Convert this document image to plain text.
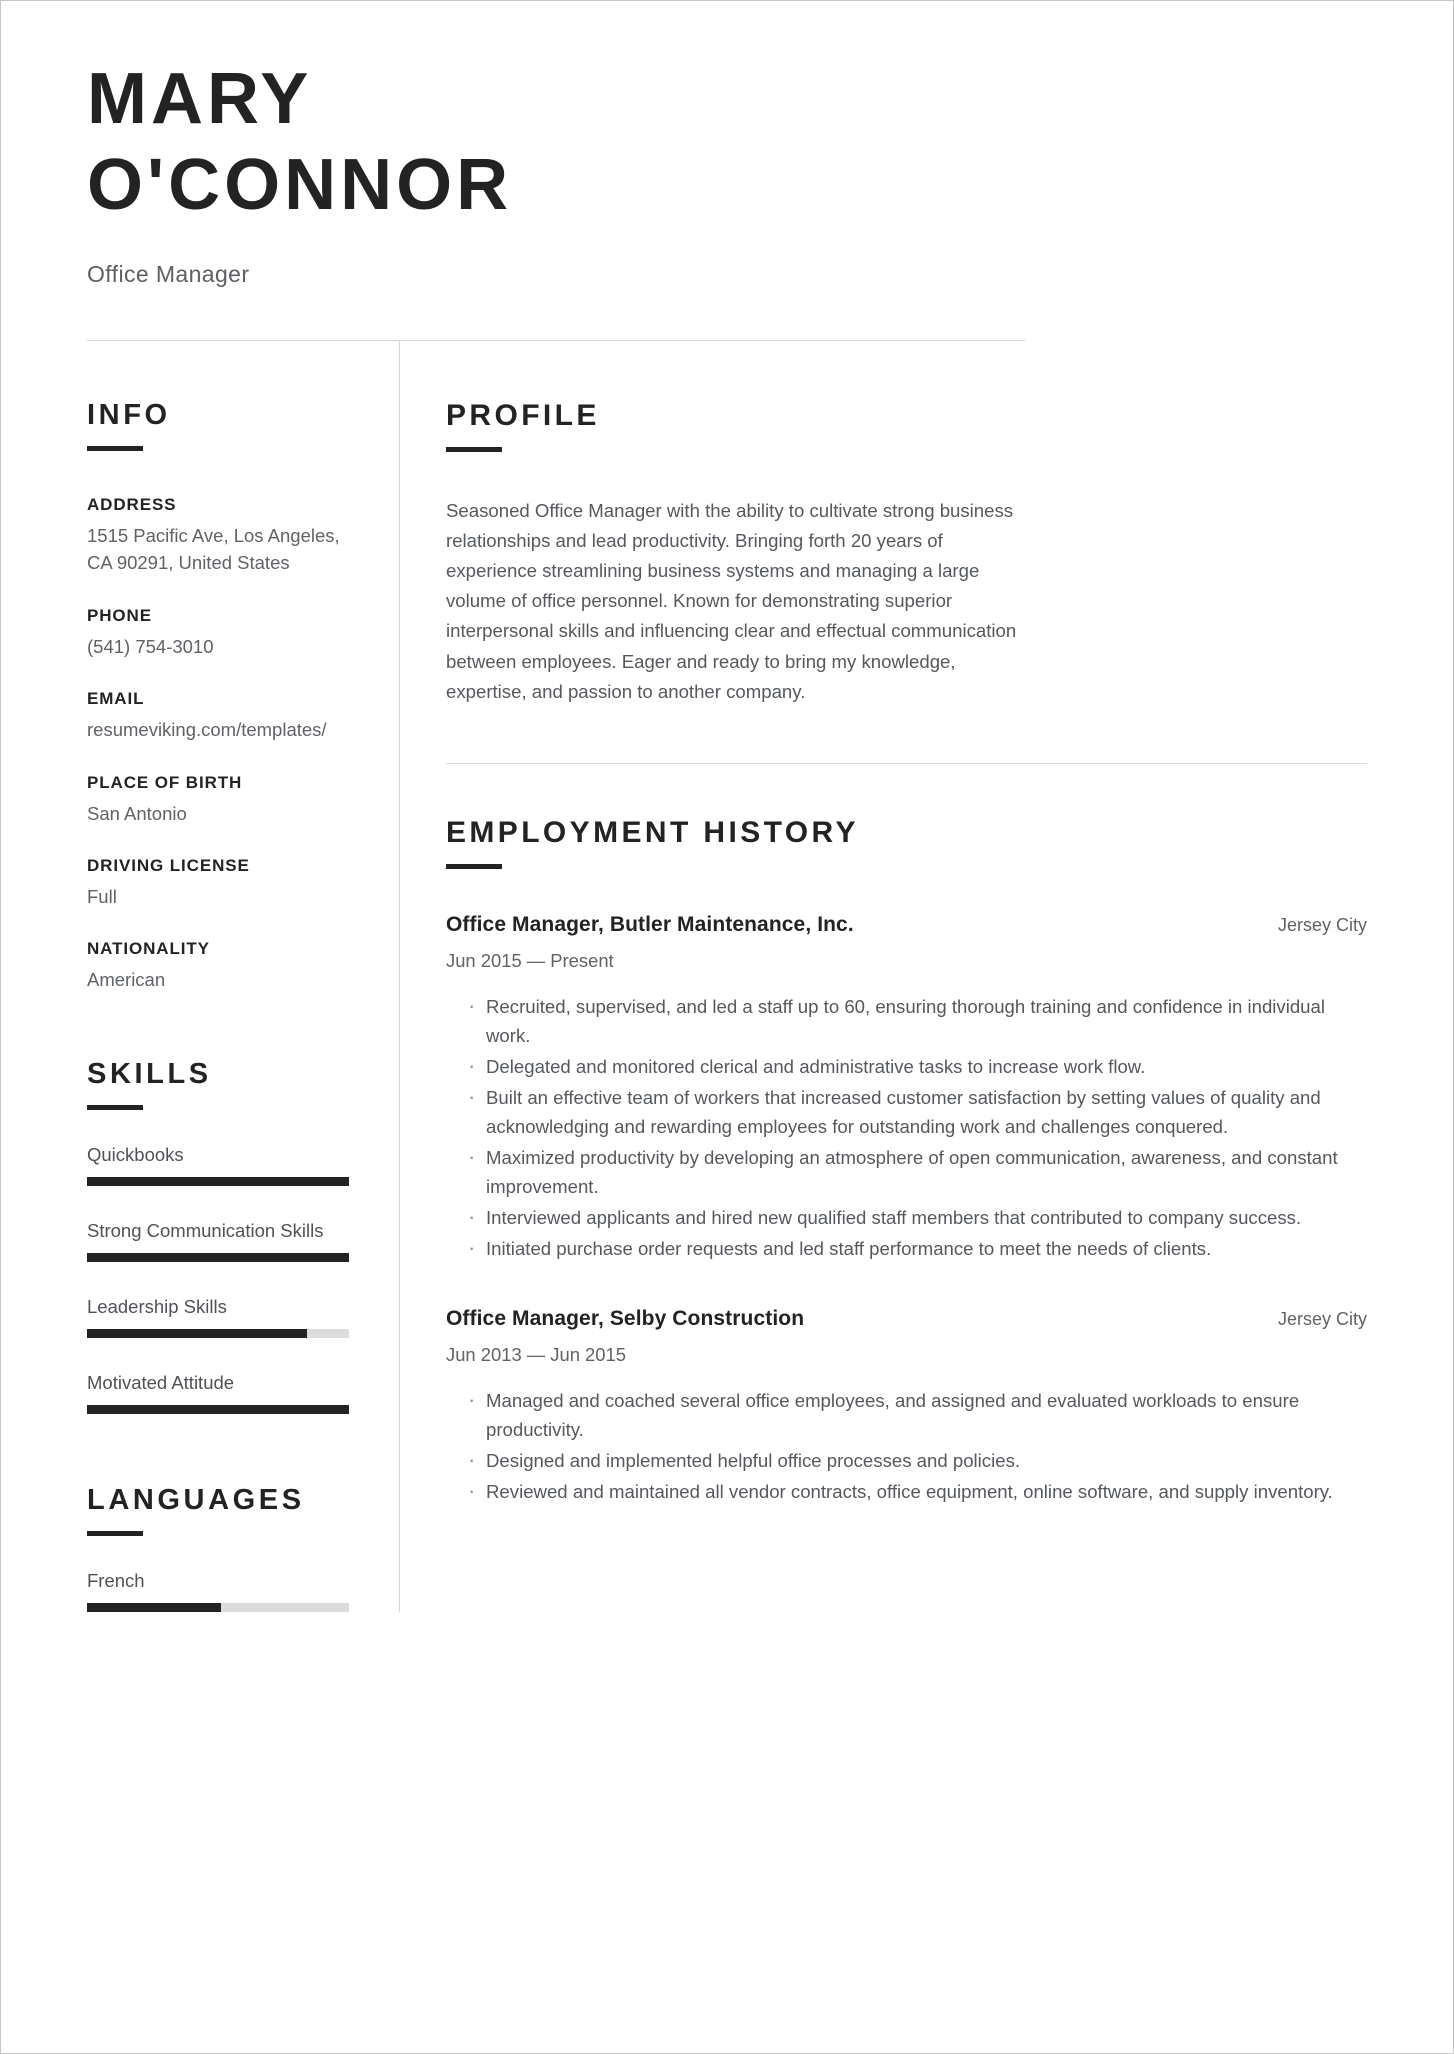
MARY
O'CONNOR
Office Manager
INFO
ADDRESS
1515 Pacific Ave, Los Angeles, CA 90291, United States
PHONE
(541) 754-3010
EMAIL
resumeviking.com/templates/
PLACE OF BIRTH
San Antonio
DRIVING LICENSE
Full
NATIONALITY
American
SKILLS
Quickbooks
Strong Communication Skills
Leadership Skills
Motivated Attitude
LANGUAGES
French
PROFILE

Seasoned Office Manager with the ability to cultivate strong business relationships and lead productivity. Bringing forth 20 years of experience streamlining business systems and managing a large volume of office personnel. Known for demonstrating superior interpersonal skills and influencing clear and effectual communication between employees. Eager and ready to bring my knowledge, expertise, and passion to another company.

EMPLOYMENT HISTORY
Office Manager, Butler Maintenance, Inc.	Jersey City
Jun 2015 — Present
· Recruited, supervised, and led a staff up to 60, ensuring thorough training and confidence in individual work.
· Delegated and monitored clerical and administrative tasks to increase work flow.
· Built an effective team of workers that increased customer satisfaction by setting values of quality and acknowledging and rewarding employees for outstanding work and challenges conquered.
· Maximized productivity by developing an atmosphere of open communication, awareness, and constant improvement.
· Interviewed applicants and hired new qualified staff members that contributed to company success.
· Initiated purchase order requests and led staff performance to meet the needs of clients.
Office Manager, Selby Construction	Jersey City
Jun 2013 — Jun 2015
· Managed and coached several office employees, and assigned and evaluated workloads to ensure productivity.
· Designed and implemented helpful office processes and policies.
· Reviewed and maintained all vendor contracts, office equipment, online software, and supply inventory.
